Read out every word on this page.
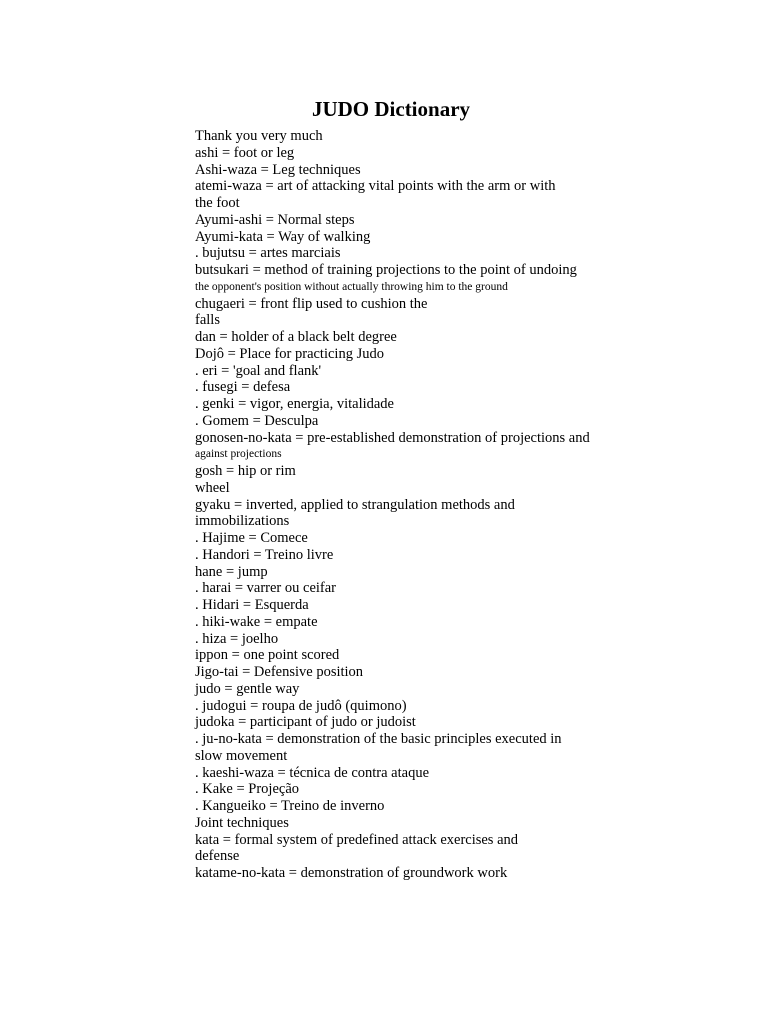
JUDO Dictionary
Thank you very much
ashi = foot or leg
Ashi-waza = Leg techniques
atemi-waza = art of attacking vital points with the arm or with
the foot
Ayumi-ashi = Normal steps
Ayumi-kata = Way of walking
. bujutsu = artes marciais
butsukari = method of training projections to the point of undoing
the opponent's position without actually throwing him to the ground
chugaeri = front flip used to cushion the
falls
dan = holder of a black belt degree
Dojô = Place for practicing Judo
. eri = 'goal and flank'
. fusegi = defesa
. genki = vigor, energia, vitalidade
. Gomem = Desculpa
gonosen-no-kata = pre-established demonstration of projections and
against projections
gosh = hip or rim
wheel
gyaku = inverted, applied to strangulation methods and
immobilizations
. Hajime = Comece
. Handori = Treino livre
hane = jump
. harai = varrer ou ceifar
. Hidari = Esquerda
. hiki-wake = empate
. hiza = joelho
ippon = one point scored
Jigo-tai = Defensive position
judo = gentle way
. judogui = roupa de judô (quimono)
judoka = participant of judo or judoist
. ju-no-kata = demonstration of the basic principles executed in
slow movement
. kaeshi-waza = técnica de contra ataque
. Kake = Projeção
. Kangueiko = Treino de inverno
Joint techniques
kata = formal system of predefined attack exercises and
defense
katame-no-kata = demonstration of groundwork work
